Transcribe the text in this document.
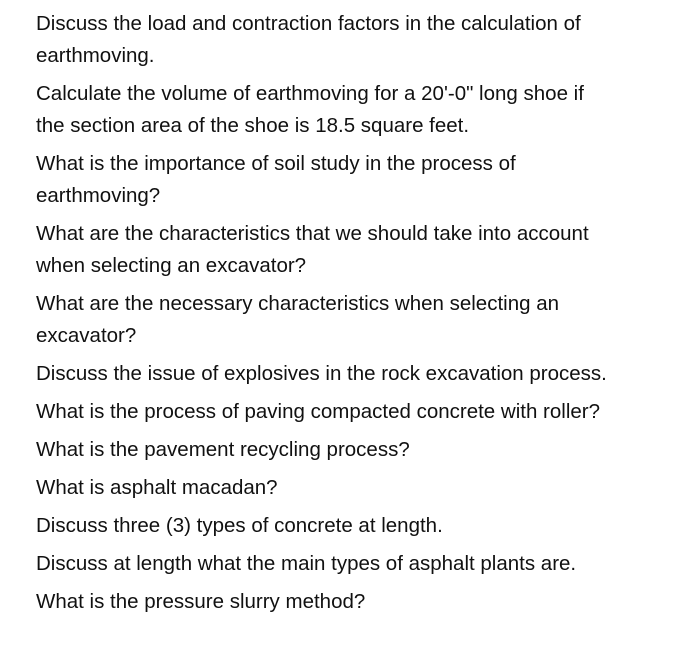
Discuss the load and contraction factors in the calculation of
earthmoving.

Calculate the volume of earthmoving for a 20'-0" long shoe if
the section area of the shoe is 18.5 square feet.

What is the importance of soil study in the process of
earthmoving?

What are the characteristics that we should take into account
when selecting an excavator?

What are the necessary characteristics when selecting an
excavator?

Discuss the issue of explosives in the rock excavation process.

What is the process of paving compacted concrete with roller?

What is the pavement recycling process?

What is asphalt macadan?

Discuss three (3) types of concrete at length.

Discuss at length what the main types of asphalt plants are.

What is the pressure slurry method?
